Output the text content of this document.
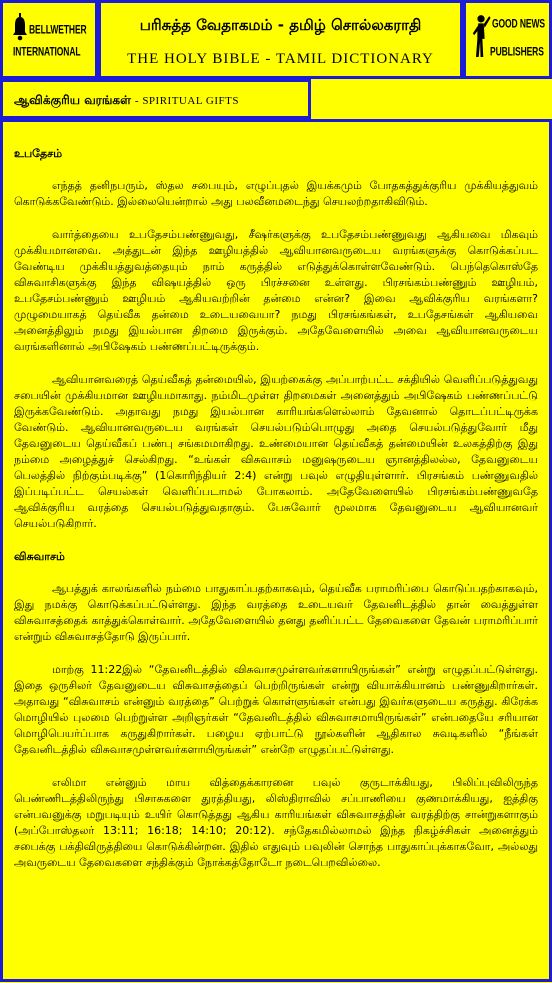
BELLWETHER
INTERNATIONAL
பரிசுத்த வேதாகமம் - தமிழ் சொல்லகராதி
THE HOLY BIBLE - TAMIL DICTIONARY
GOOD NEWS
PUBLISHERS
ஆவிக்குரிய வரங்கள் - SPIRITUAL GIFTS
உபதேசம்

எந்தத் தனிநபரும், ஸ்தல சபையும், எழுப்புதல் இயக்கமும் போதகத்துக்குரிய முக்கியத்துவம் கொடுக்கவேண்டும். இல்லையென்றால் அது பலவீனமடைந்து செயலற்றதாகிவிடும்.

வார்த்தையை உபதேசம்பண்ணுவது, சீஷர்களுக்கு உபதேசம்பண்ணுவது ஆகியவை மிகவும் முக்கியமானவை. அத்துடன் இந்த ஊழியத்தில் ஆவியானவருடைய வரங்களுக்கு கொடுக்கப்பட வேண்டிய முக்கியத்துவத்தையும் நாம் கருத்தில் எடுத்துக்கொள்ளவேண்டும். பெந்தெகொஸ்தே விசுவாசிகளுக்கு இந்த விஷயத்தில் ஒரு பிரச்சனை உள்ளது. பிரசங்கம்பண்ணும் ஊழியம், உபதேசம்பண்ணும் ஊழியம் ஆகியவற்றின் தன்மை என்ன? இவை ஆவிக்குரிய வரங்களா? முழுமையாகத் தெய்வீக தன்மை உடையவையா? நமது பிரசங்கங்கள், உபதேசங்கள் ஆகியவை அனைத்திலும் நமது இயல்பான திறமை இருக்கும். அதேவேளையில் அவை ஆவியானவருடைய வரங்களினால் அபிஷேகம் பண்ணப்பட்டிருக்கும்.

ஆவியானவரைத் தெய்வீகத் தன்மையில், இயற்கைக்கு அப்பாற்பட்ட சக்தியில் வெளிப்படுத்துவது சபையின் முக்கியமான ஊழியமாகாது. நம்மிடமுள்ள திறமைகள் அனைத்தும் அபிஷேகம் பண்ணப்பட்டு இருக்கவேண்டும். அதாவது நமது இயல்பான காரியங்களெல்லாம் தேவனால் தொடப்பட்டிருக்க வேண்டும். ஆவியானவருடைய வரங்கள் செயல்படும்பொழுது அதை செயல்படுத்துவோர் மீது தேவனுடைய தெய்வீகப் பண்பு சங்கமமாகிறது. உண்மையான தெய்வீகத் தன்மையின் உலகத்திற்கு இது நம்மை அழைத்துச் செல்கிறது. “உங்கள் விசுவாசம் மனுஷருடைய ஞானத்திலல்ல, தேவனுடைய பெலத்தில் நிற்கும்படிக்கு” (1கொரிந்தியர் 2:4) என்று பவுல் எழுதியுள்ளார். பிரசங்கம் பண்ணுவதில் இப்படிப்பட்ட செயல்கள் வெளிப்படாமல் போகலாம். அதேவேளையில் பிரசங்கம்பண்ணுவதே ஆவிக்குரிய வரத்தை செயல்படுத்துவதாகும். பேசுவோர் மூலமாக தேவனுடைய ஆவியானவர் செயல்படுகிறார்.

விசுவாசம்

ஆபத்துக் காலங்களில் நம்மை பாதுகாப்பதற்காகவும், தெய்வீக பராமரிப்பை கொடுப்பதற்காகவும், இது நமக்கு கொடுக்கப்பட்டுள்ளது. இந்த வரத்தை உடையவர் தேவனிடத்தில் தான் வைத்துள்ள விசுவாசத்தைக் காத்துக்கொள்வார். அதேவேளையில் தனது தனிப்பட்ட தேவைகளை தேவன் பராமரிப்பார் என்றும் விசுவாசத்தோடு இருப்பார்.

மாற்கு 11:22இல் “தேவனிடத்தில் விசுவாசமுள்ளவர்களாயிருங்கள்” என்று எழுதப்பட்டுள்ளது. இதை ஒருசிலர் தேவனுடைய விசுவாசத்தைப் பெற்றிருங்கள் என்று வியாக்கியானம் பண்ணுகிறார்கள். அதாவது “விசுவாசம் என்னும் வரத்தை” பெற்றுக் கொள்ளுங்கள் என்பது இவர்களுடைய கருத்து. கிரேக்க மொழியில் புலமை பெற்றுள்ள அறிஞர்கள் “தேவனிடத்தில் விசுவாசமாயிருங்கள்” என்பதையே சரியான மொழிபெயர்ப்பாக கருதுகிறார்கள். பழைய ஏற்பாட்டு நூல்களின் ஆதிகால சுவடிகளில் “நீங்கள் தேவனிடத்தில் விசுவாசமுள்ளவர்களாயிருங்கள்” என்றே எழுதப்பட்டுள்ளது.

எலிமா என்னும் மாய வித்தைக்காரனை பவுல் குருடாக்கியது, பிலிப்புவிலிருந்த பெண்ணிடத்திலிருந்து பிசாசுகளை துரத்தியது, லிஸ்திராவில் சப்பாணியை குணமாக்கியது, ஐத்திகு என்பவனுக்கு மறுபடியும் உயிர் கொடுத்தது ஆகிய காரியங்கள் விசுவாசத்தின் வரத்திற்கு சான்றுகளாகும் (அப்போஸ்தலர் 13:11; 16:18; 14:10; 20:12). சந்தேகமில்லாமல் இந்த நிகழ்ச்சிகள் அனைத்தும் சபைக்கு பக்திவிருத்தியை கொடுக்கின்றன. இதில் எதுவும் பவுலின் சொந்த பாதுகாப்புக்காகவோ, அல்லது அவருடைய தேவைகளை சந்திக்கும் நோக்கத்தோடோ நடைபெறவில்லை.
